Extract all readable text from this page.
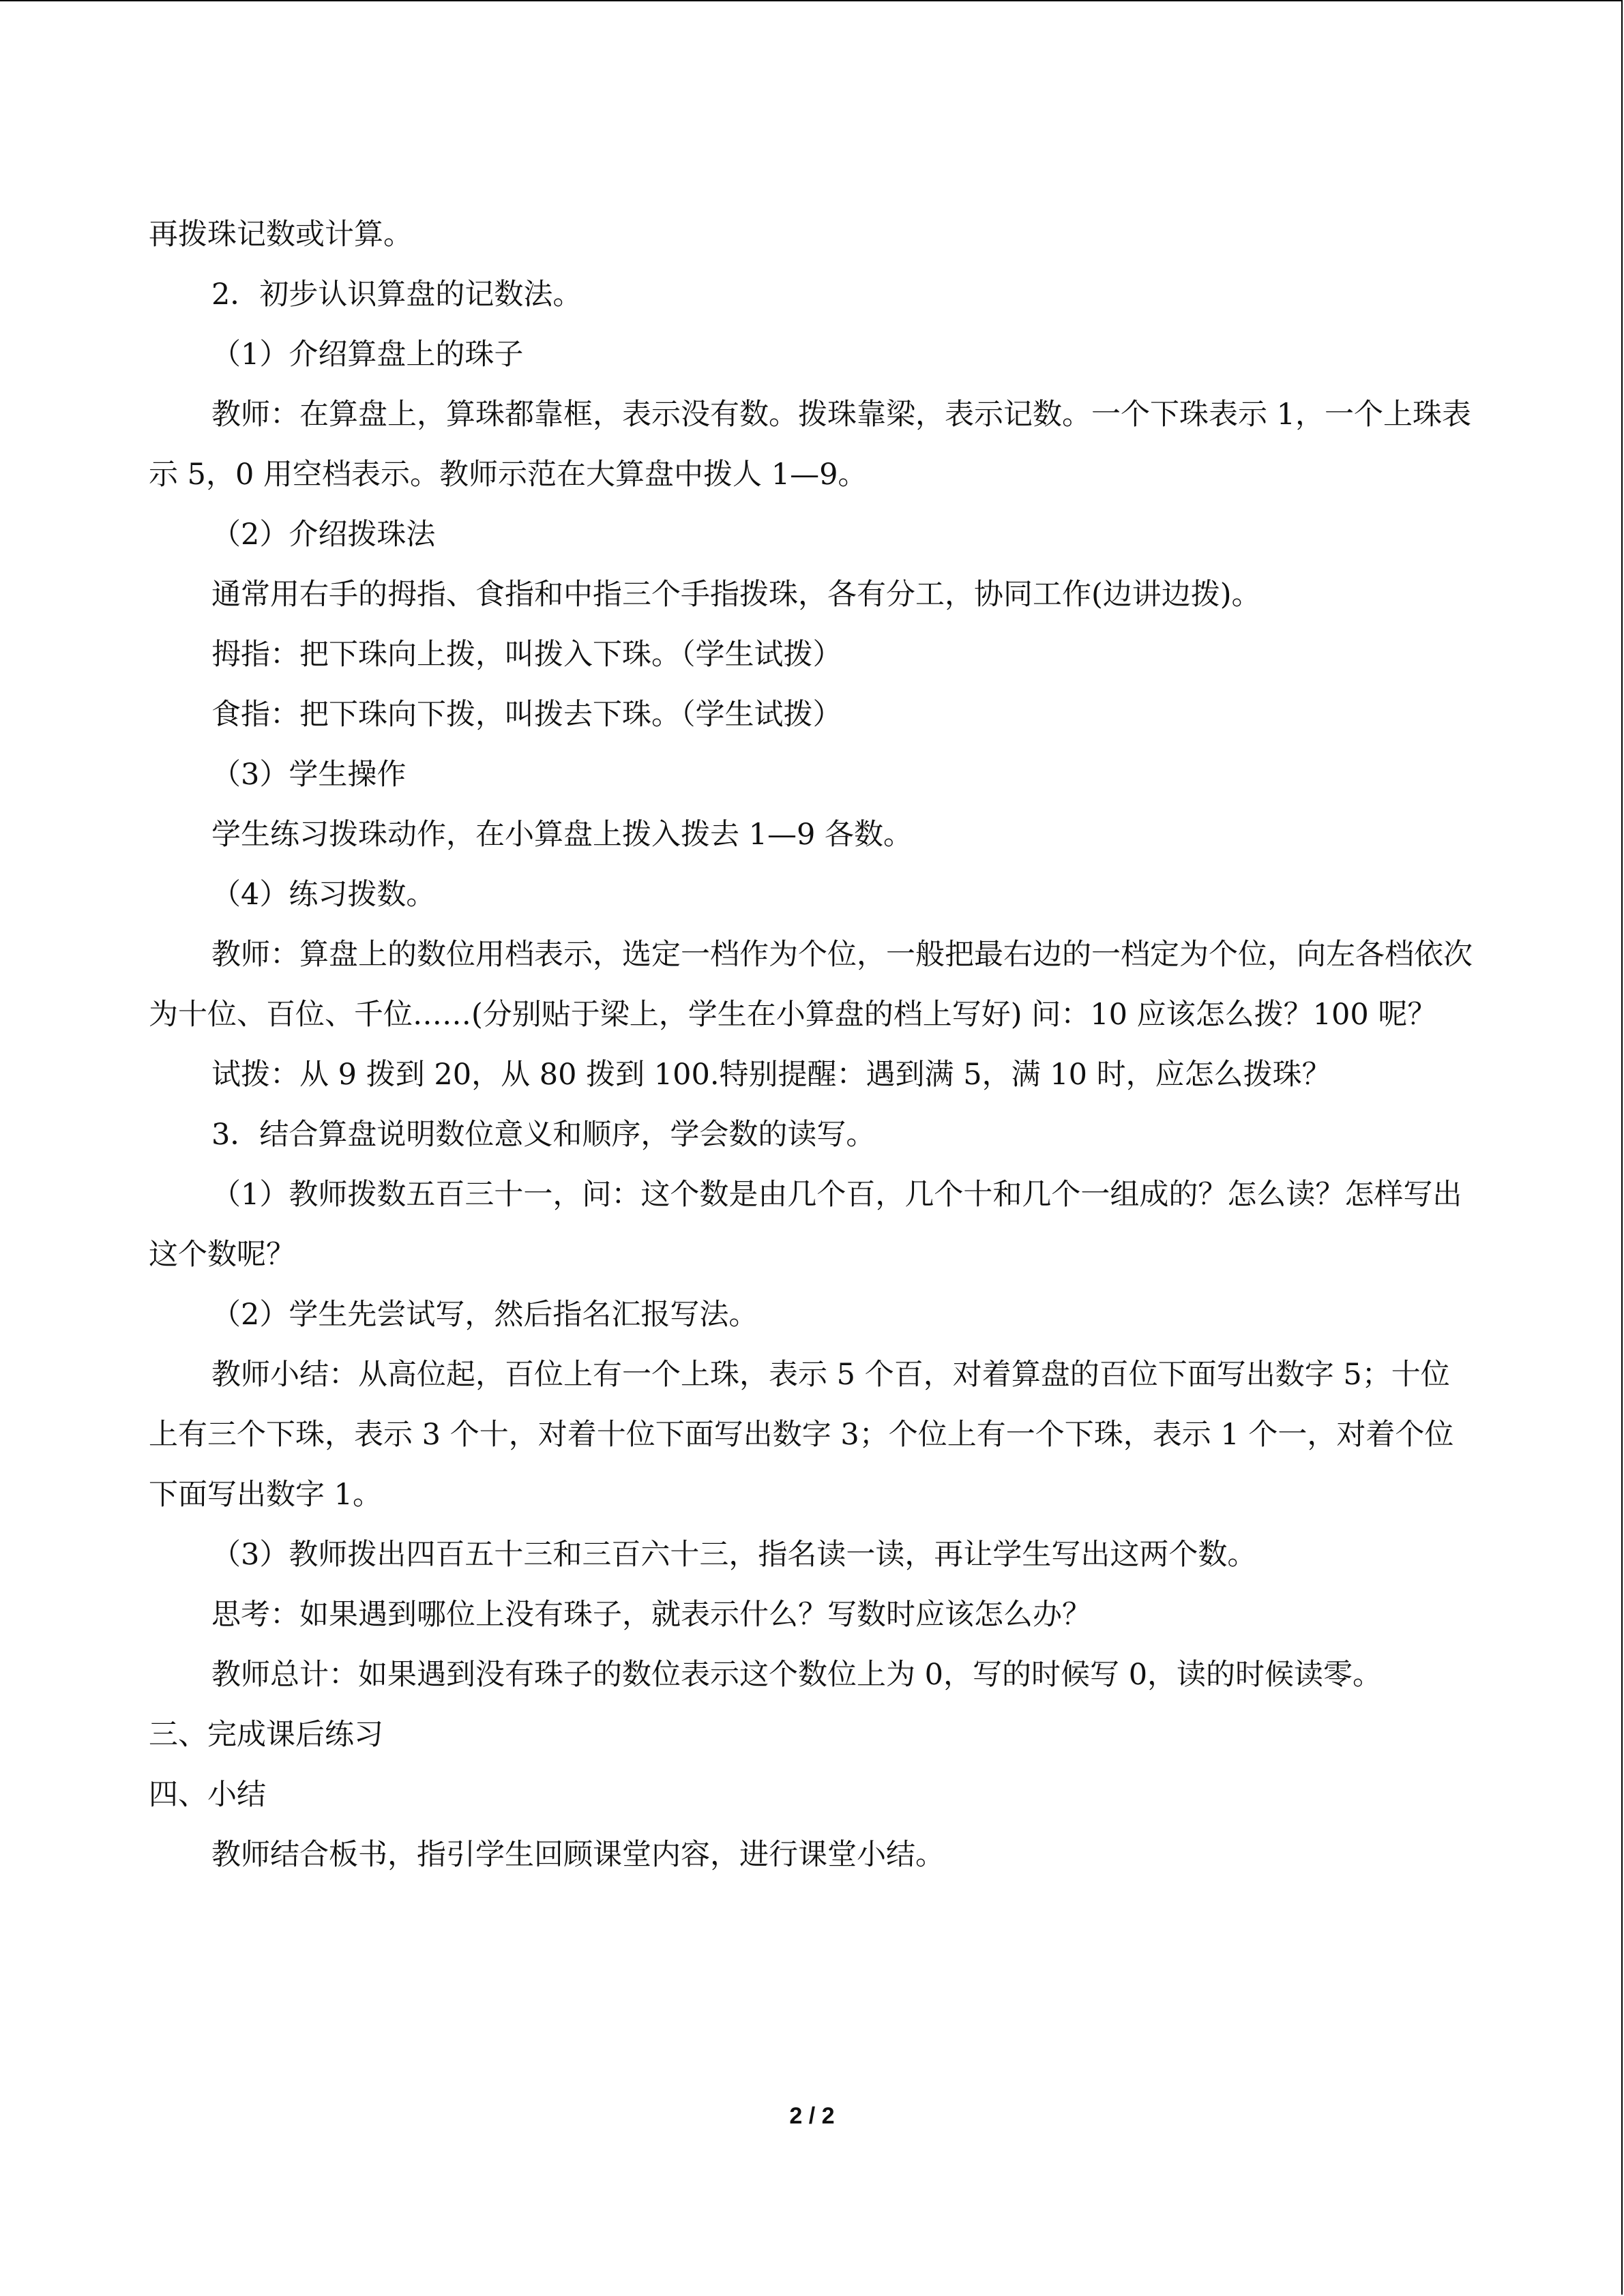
再拨珠记数或计算。

2．初步认识算盘的记数法。

（1）介绍算盘上的珠子

教师：在算盘上，算珠都靠框，表示没有数。拨珠靠梁，表示记数。一个下珠表示 1，一个上珠表示 5，0 用空档表示。教师示范在大算盘中拨人 1—9。

（2）介绍拨珠法

通常用右手的拇指、食指和中指三个手指拨珠，各有分工，协同工作(边讲边拨)。

拇指：把下珠向上拨，叫拨入下珠。（学生试拨）

食指：把下珠向下拨，叫拨去下珠。（学生试拨）

（3）学生操作

学生练习拨珠动作，在小算盘上拨入拨去 1—9 各数。

（4）练习拨数。

教师：算盘上的数位用档表示，选定一档作为个位，一般把最右边的一档定为个位，向左各档依次为十位、百位、千位……(分别贴于梁上，学生在小算盘的档上写好) 问：10 应该怎么拨？100 呢？

试拨：从 9 拨到 20，从 80 拨到 100.特别提醒：遇到满 5，满 10 时，应怎么拨珠？

3．结合算盘说明数位意义和顺序，学会数的读写。

（1）教师拨数五百三十一，问：这个数是由几个百，几个十和几个一组成的？怎么读？怎样写出这个数呢？

（2）学生先尝试写，然后指名汇报写法。

教师小结：从高位起，百位上有一个上珠，表示 5 个百，对着算盘的百位下面写出数字 5；十位上有三个下珠，表示 3 个十，对着十位下面写出数字 3；个位上有一个下珠，表示 1 个一，对着个位下面写出数字 1。

（3）教师拨出四百五十三和三百六十三，指名读一读，再让学生写出这两个数。

思考：如果遇到哪位上没有珠子，就表示什么？写数时应该怎么办？

教师总计：如果遇到没有珠子的数位表示这个数位上为 0，写的时候写 0，读的时候读零。

三、完成课后练习

四、小结

教师结合板书，指引学生回顾课堂内容，进行课堂小结。

2 / 2
